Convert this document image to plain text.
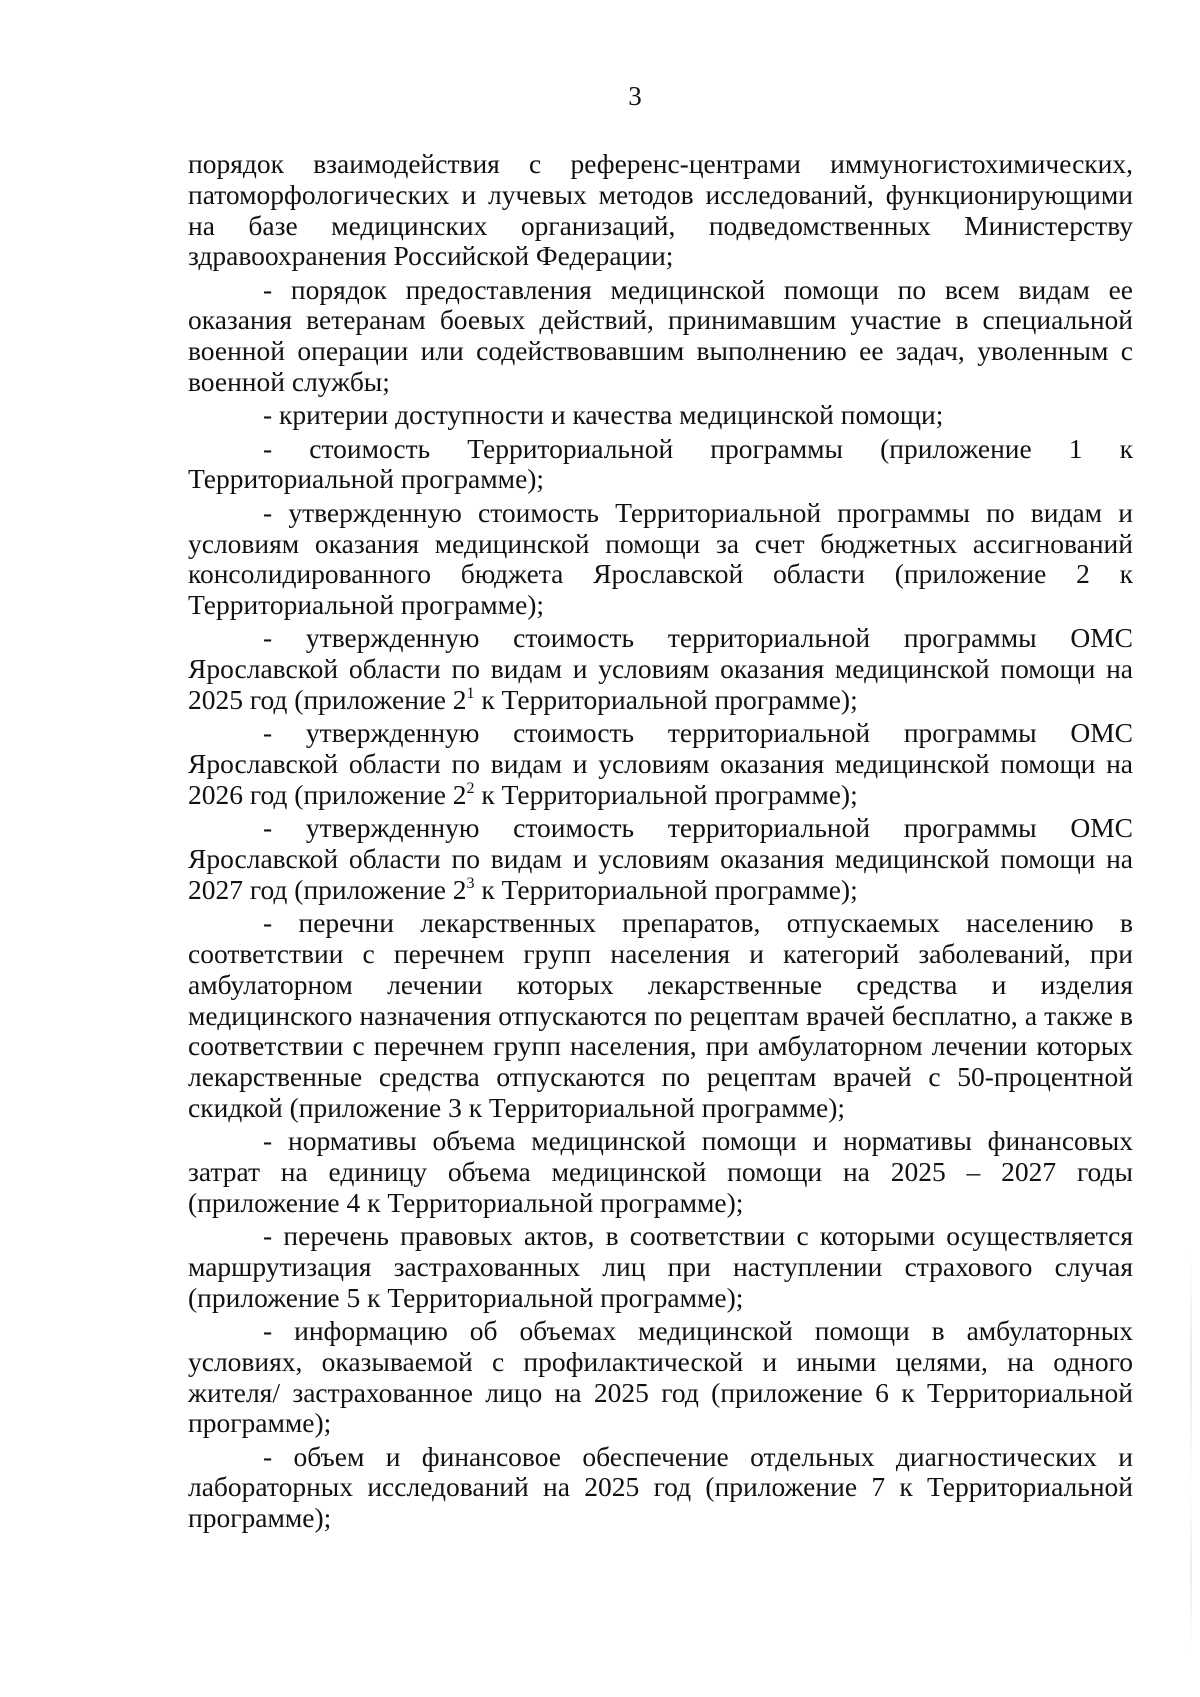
3

порядок взаимодействия с референс-центрами иммуногистохимических, патоморфологических и лучевых методов исследований, функционирующими на базе медицинских организаций, подведомственных Министерству здравоохранения Российской Федерации;

- порядок предоставления медицинской помощи по всем видам ее оказания ветеранам боевых действий, принимавшим участие в специальной военной операции или содействовавшим выполнению ее задач, уволенным с военной службы;

- критерии доступности и качества медицинской помощи;

- стоимость Территориальной программы (приложение 1 к Территориальной программе);

- утвержденную стоимость Территориальной программы по видам и условиям оказания медицинской помощи за счет бюджетных ассигнований консолидированного бюджета Ярославской области (приложение 2 к Территориальной программе);

- утвержденную стоимость территориальной программы ОМС Ярославской области по видам и условиям оказания медицинской помощи на 2025 год (приложение $2^1$ к Территориальной программе);

- утвержденную стоимость территориальной программы ОМС Ярославской области по видам и условиям оказания медицинской помощи на 2026 год (приложение $2^2$ к Территориальной программе);

- утвержденную стоимость территориальной программы ОМС Ярославской области по видам и условиям оказания медицинской помощи на 2027 год (приложение $2^3$ к Территориальной программе);

- перечни лекарственных препаратов, отпускаемых населению в соответствии с перечнем групп населения и категорий заболеваний, при амбулаторном лечении которых лекарственные средства и изделия медицинского назначения отпускаются по рецептам врачей бесплатно, а также в соответствии с перечнем групп населения, при амбулаторном лечении которых лекарственные средства отпускаются по рецептам врачей с 50-процентной скидкой (приложение 3 к Территориальной программе);

- нормативы объема медицинской помощи и нормативы финансовых затрат на единицу объема медицинской помощи на 2025 – 2027 годы (приложение 4 к Территориальной программе);

- перечень правовых актов, в соответствии с которыми осуществляется маршрутизация застрахованных лиц при наступлении страхового случая (приложение 5 к Территориальной программе);

- информацию об объемах медицинской помощи в амбулаторных условиях, оказываемой с профилактической и иными целями, на одного жителя/ застрахованное лицо на 2025 год (приложение 6 к Территориальной программе);

- объем и финансовое обеспечение отдельных диагностических и лабораторных исследований на 2025 год (приложение 7 к Территориальной программе);
